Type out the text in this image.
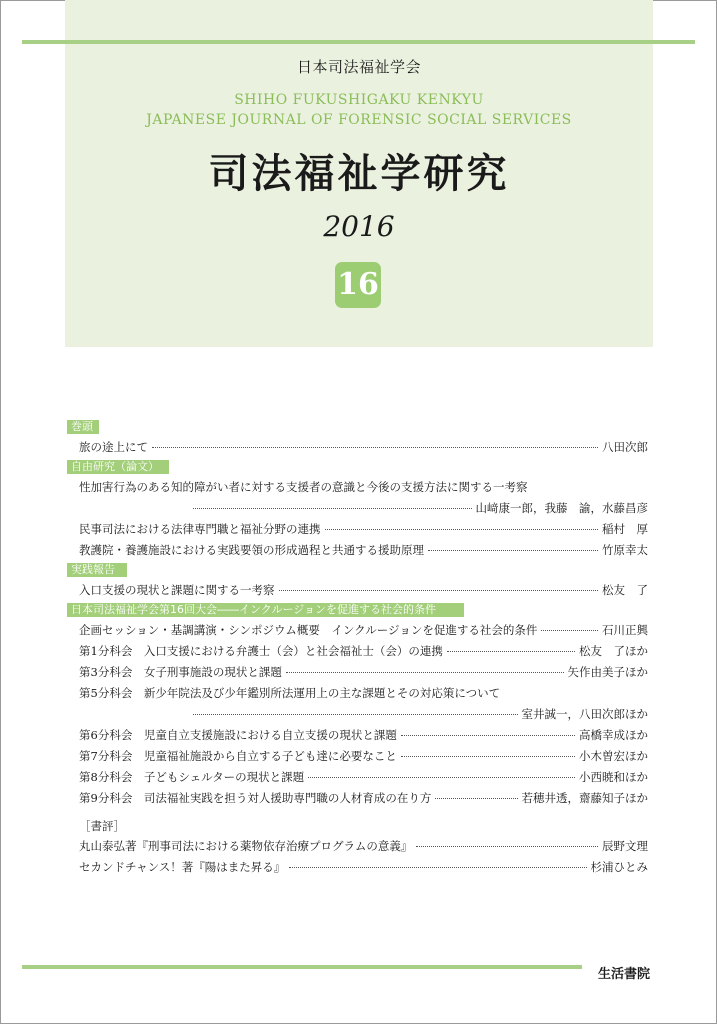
日本司法福祉学会
SHIHO FUKUSHIGAKU KENKYU
JAPANESE JOURNAL OF FORENSIC SOCIAL SERVICES
司法福祉学研究
2016
16
巻頭言
旅の途上にて	八田次郎
自由研究（論文）
性加害行為のある知的障がい者に対する支援者の意識と今後の支援方法に関する一考察
山﨑康一郎，我藤　諭，水藤昌彦
民事司法における法律専門職と福祉分野の連携	稲村　厚
教護院・養護施設における実践要領の形成過程と共通する援助原理	竹原幸太
実践報告
入口支援の現状と課題に関する一考察	松友　了
日本司法福祉学会第16回大会――インクルージョンを促進する社会的条件
企画セッション・基調講演・シンポジウム概要　インクルージョンを促進する社会的条件	石川正興
第1分科会　入口支援における弁護士（会）と社会福祉士（会）の連携	松友　了ほか
第3分科会　女子刑事施設の現状と課題	矢作由美子ほか
第5分科会　新少年院法及び少年鑑別所法運用上の主な課題とその対応策について
室井誠一，八田次郎ほか
第6分科会　児童自立支援施設における自立支援の現状と課題	高橋幸成ほか
第7分科会　児童福祉施設から自立する子ども達に必要なこと	小木曽宏ほか
第8分科会　子どもシェルターの現状と課題	小西暁和ほか
第9分科会　司法福祉実践を担う対人援助専門職の人材育成の在り方	若穂井透，齋藤知子ほか
［書評］
丸山泰弘著『刑事司法における薬物依存治療プログラムの意義』	辰野文理
セカンドチャンス！著『陽はまた昇る』	杉浦ひとみ
生活書院
